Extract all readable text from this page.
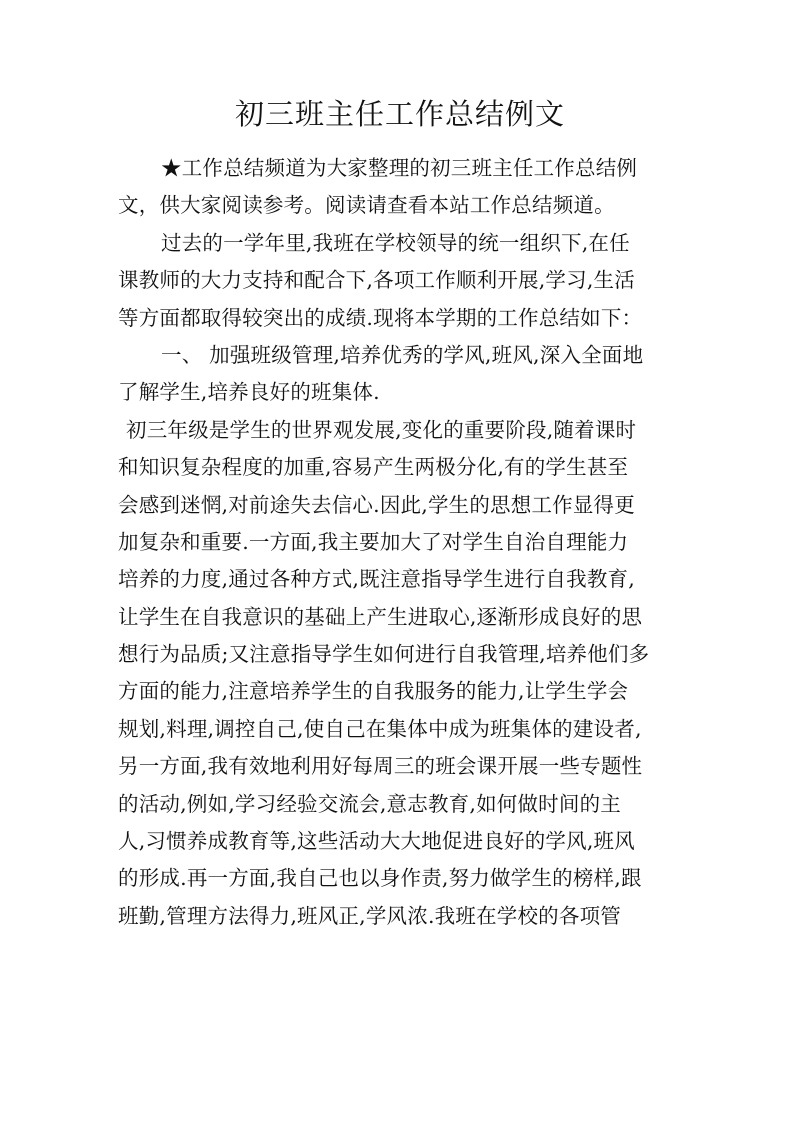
初三班主任工作总结例文
★工作总结频道为大家整理的初三班主任工作总结例
文，供大家阅读参考。阅读请查看本站工作总结频道。
过去的一学年里,我班在学校领导的统一组织下,在任
课教师的大力支持和配合下,各项工作顺利开展,学习,生活
等方面都取得较突出的成绩.现将本学期的工作总结如下：
一、 加强班级管理,培养优秀的学风,班风,深入全面地
了解学生,培养良好的班集体.
初三年级是学生的世界观发展,变化的重要阶段,随着课时
和知识复杂程度的加重,容易产生两极分化,有的学生甚至
会感到迷惘,对前途失去信心.因此,学生的思想工作显得更
加复杂和重要.一方面,我主要加大了对学生自治自理能力
培养的力度,通过各种方式,既注意指导学生进行自我教育,
让学生在自我意识的基础上产生进取心,逐渐形成良好的思
想行为品质;又注意指导学生如何进行自我管理,培养他们多
方面的能力,注意培养学生的自我服务的能力,让学生学会
规划,料理,调控自己,使自己在集体中成为班集体的建设者,
另一方面,我有效地利用好每周三的班会课开展一些专题性
的活动,例如,学习经验交流会,意志教育,如何做时间的主
人,习惯养成教育等,这些活动大大地促进良好的学风,班风
的形成.再一方面,我自己也以身作责,努力做学生的榜样,跟
班勤,管理方法得力,班风正,学风浓.我班在学校的各项管
